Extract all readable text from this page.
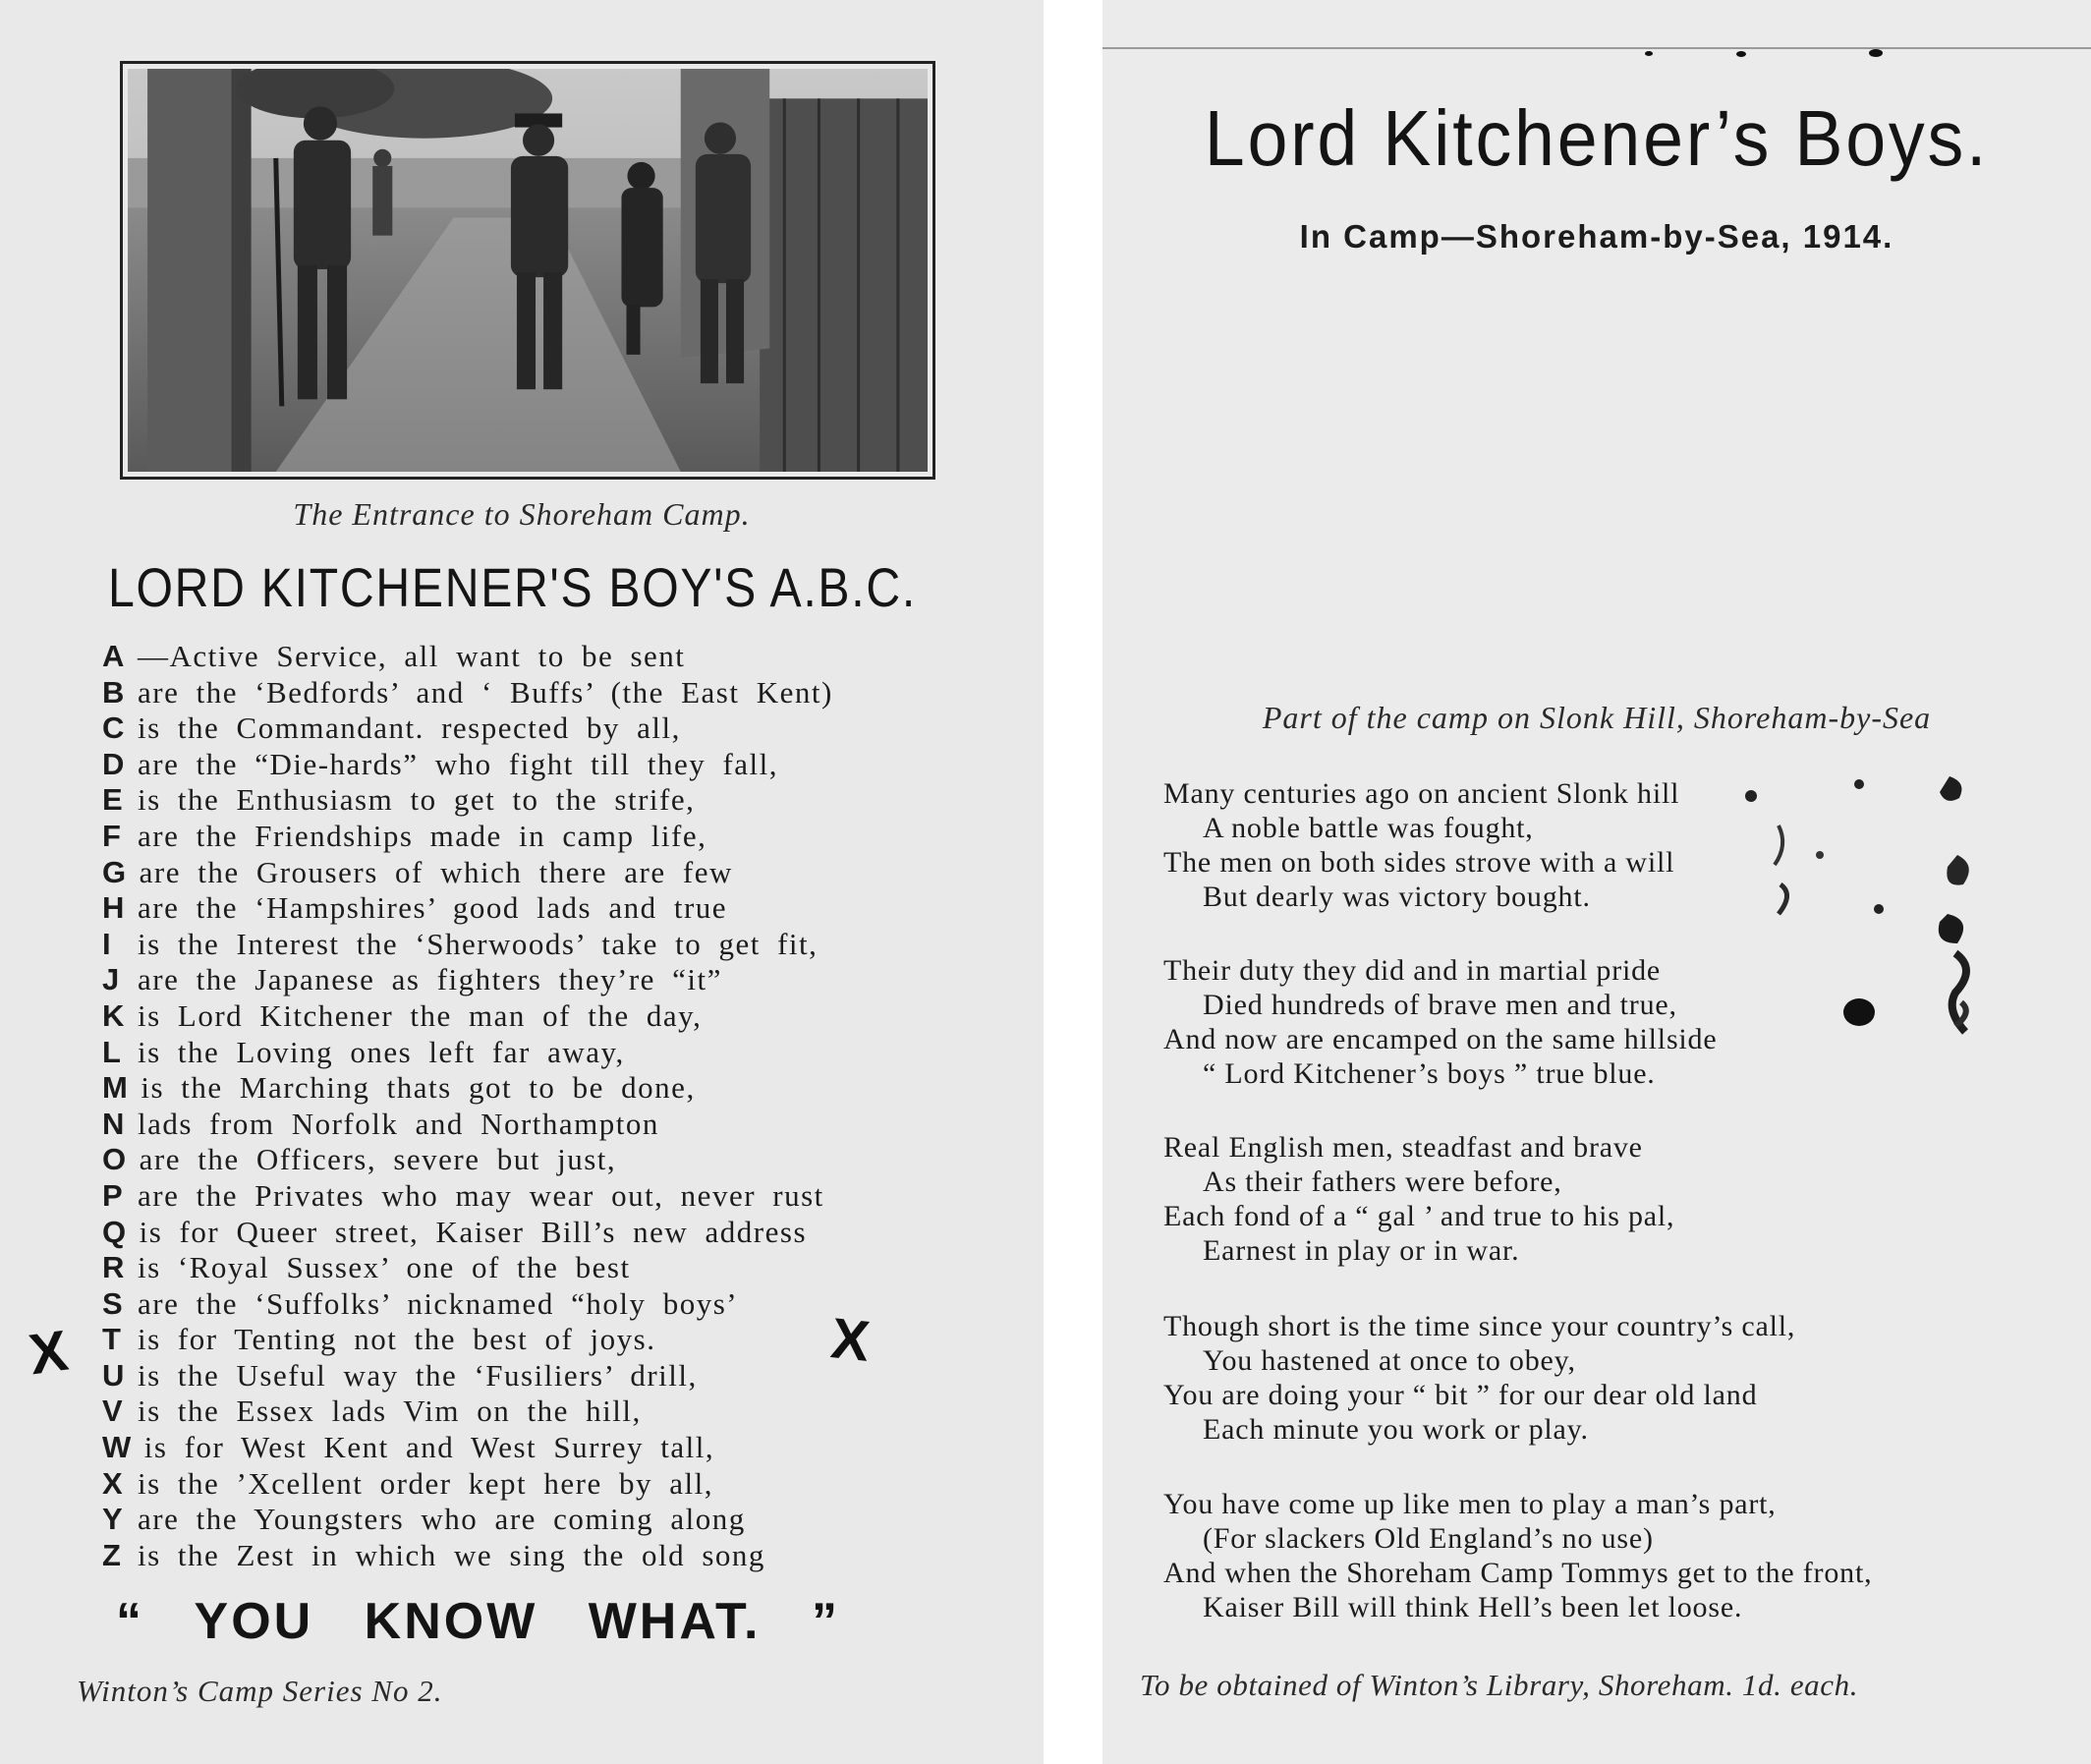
The Entrance to Shoreham Camp.
LORD KITCHENER'S BOY'S A.B.C.
A —Active Service, all want to be sent
B are the ‘Bedfords’ and ‘ Buffs’ (the East Kent)
C is the Commandant. respected by all,
D are the “Die-hards” who fight till they fall,
E is the Enthusiasm to get to the strife,
F are the Friendships made in camp life,
G are the Grousers of which there are few
H are the ‘Hampshires’ good lads and true
I is the Interest the ‘Sherwoods’ take to get fit,
J are the Japanese as fighters they’re “it”
K is Lord Kitchener the man of the day,
L is the Loving ones left far away,
M is the Marching thats got to be done,
N lads from Norfolk and Northampton
O are the Officers, severe but just,
P are the Privates who may wear out, never rust
Q is for Queer street, Kaiser Bill’s new address
R is ‘Royal Sussex’ one of the best
S are the ‘Suffolks’ nicknamed “holy boys’
T is for Tenting not the best of joys.
U is the Useful way the ‘Fusiliers’ drill,
V is the Essex lads Vim on the hill,
W is for West Kent and West Surrey tall,
X is the ’Xcellent order kept here by all,
Y are the Youngsters who are coming along
Z is the Zest in which we sing the old song
X	X
“ YOU KNOW WHAT. ”
Winton’s Camp Series No 2.
Lord Kitchener’s Boys.
In Camp—Shoreham-by-Sea, 1914.
Part of the camp on Slonk Hill, Shoreham-by-Sea
Many centuries ago on ancient Slonk hill
A noble battle was fought,
The men on both sides strove with a will
But dearly was victory bought.
Their duty they did and in martial pride
Died hundreds of brave men and true,
And now are encamped on the same hillside
“ Lord Kitchener’s boys ” true blue.
Real English men, steadfast and brave
As their fathers were before,
Each fond of a “ gal ’ and true to his pal,
Earnest in play or in war.
Though short is the time since your country’s call,
You hastened at once to obey,
You are doing your “ bit ” for our dear old land
Each minute you work or play.
You have come up like men to play a man’s part,
(For slackers Old England’s no use)
And when the Shoreham Camp Tommys get to the front,
Kaiser Bill will think Hell’s been let loose.
To be obtained of Winton’s Library, Shoreham. 1d. each.
